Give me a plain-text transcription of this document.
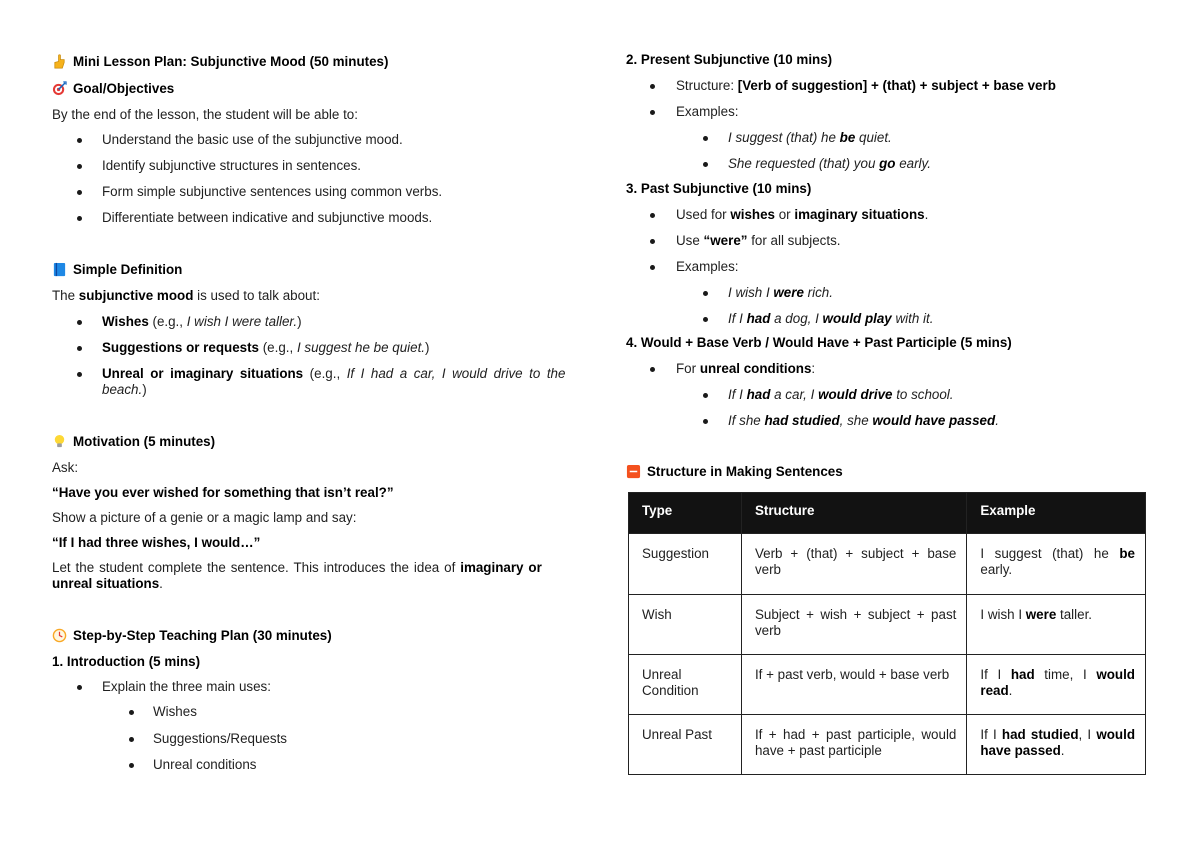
Mini Lesson Plan: Subjunctive Mood (50 minutes)
Goal/Objectives
By the end of the lesson, the student will be able to:
Understand the basic use of the subjunctive mood.
Identify subjunctive structures in sentences.
Form simple subjunctive sentences using common verbs.
Differentiate between indicative and subjunctive moods.
Simple Definition
The subjunctive mood is used to talk about:
Wishes (e.g., I wish I were taller.)
Suggestions or requests (e.g., I suggest he be quiet.)
Unreal or imaginary situations (e.g., If I had a car, I would drive to the
beach.)
Motivation (5 minutes)
Ask:
“Have you ever wished for something that isn’t real?”
Show a picture of a genie or a magic lamp and say:
“If I had three wishes, I would…”
Let the student complete the sentence. This introduces the idea of imaginary or
unreal situations.
Step-by-Step Teaching Plan (30 minutes)
1. Introduction (5 mins)
Explain the three main uses:
Wishes
Suggestions/Requests
Unreal conditions
2. Present Subjunctive (10 mins)
Structure: [Verb of suggestion] + (that) + subject + base verb
Examples:
I suggest (that) he be quiet.
She requested (that) you go early.
3. Past Subjunctive (10 mins)
Used for wishes or imaginary situations.
Use “were” for all subjects.
Examples:
I wish I were rich.
If I had a dog, I would play with it.
4. Would + Base Verb / Would Have + Past Participle (5 mins)
For unreal conditions:
If I had a car, I would drive to school.
If she had studied, she would have passed.
Structure in Making Sentences
Type	Structure	Example
Suggestion	Verb + (that) + subject + base verb	I suggest (that) he be early.
Wish	Subject + wish + subject + past verb	I wish I were taller.
Unreal Condition	If + past verb, would + base verb	If I had time, I would read.
Unreal Past	If + had + past participle, would have + past participle	If I had studied, I would have passed.
